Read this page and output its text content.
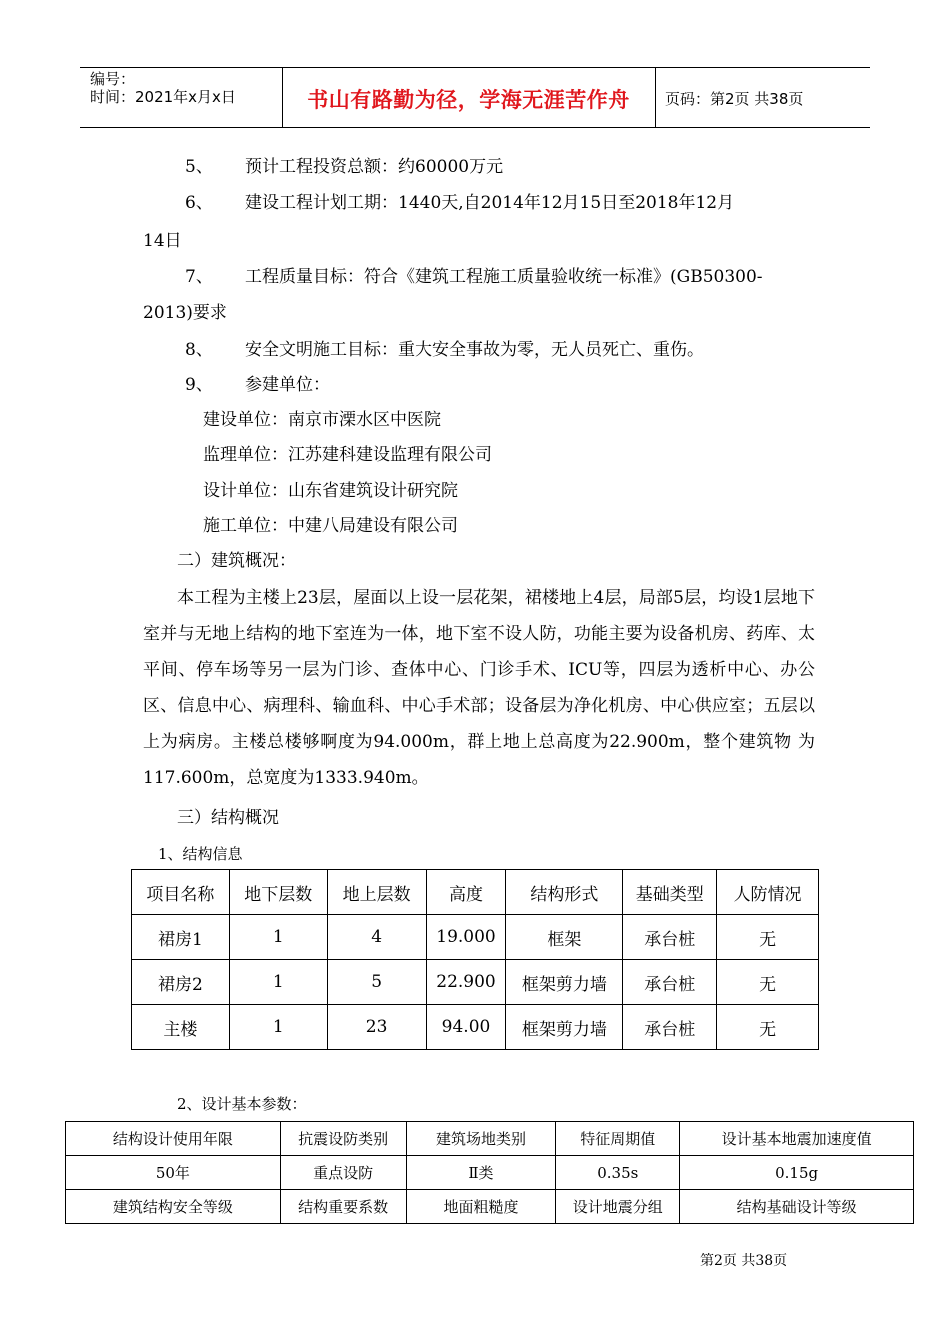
编号：
时间：2021年x月x日	书山有路勤为径，学海无涯苦作舟	页码：第2页 共38页
5、 预计工程投资总额：约60000万元
6、 建设工程计划工期：1440天,自2014年12月15日至2018年12月
14日
7、 工程质量目标：符合《建筑工程施工质量验收统一标准》(GB50300-
2013)要求
8、 安全文明施工目标：重大安全事故为零，无人员死亡、重伤。
9、 参建单位：
建设单位：南京市溧水区中医院
监理单位：江苏建科建设监理有限公司
设计单位：山东省建筑设计研究院
施工单位：中建八局建设有限公司
二）建筑概况：

本工程为主楼上23层，屋面以上设一层花架，裙楼地上4层，局部5层，均设1层地下室并与无地上结构的地下室连为一体，地下室不设人防，功能主要为设备机房、药库、太平间、停车场等另一层为门诊、查体中心、门诊手术、ICU等，四层为透析中心、办公区、信息中心、病理科、输血科、中心手术部；设备层为净化机房、中心供应室；五层以上为病房。主楼总楼够啊度为94.000m，群上地上总高度为22.900m，整个建筑物 为117.600m，总宽度为1333.940m。

三）结构概况
1、结构信息
项目名称	地下层数	地上层数	高度	结构形式	基础类型	人防情况
裙房1	1	4	19.000	框架	承台桩	无
裙房2	1	5	22.900	框架剪力墙	承台桩	无
主楼	1	23	94.00	框架剪力墙	承台桩	无
2、设计基本参数：
结构设计使用年限	抗震设防类别	建筑场地类别	特征周期值	设计基本地震加速度值
50年	重点设防	Ⅱ类	0.35s	0.15g
建筑结构安全等级	结构重要系数	地面粗糙度	设计地震分组	结构基础设计等级
第2页 共38页
